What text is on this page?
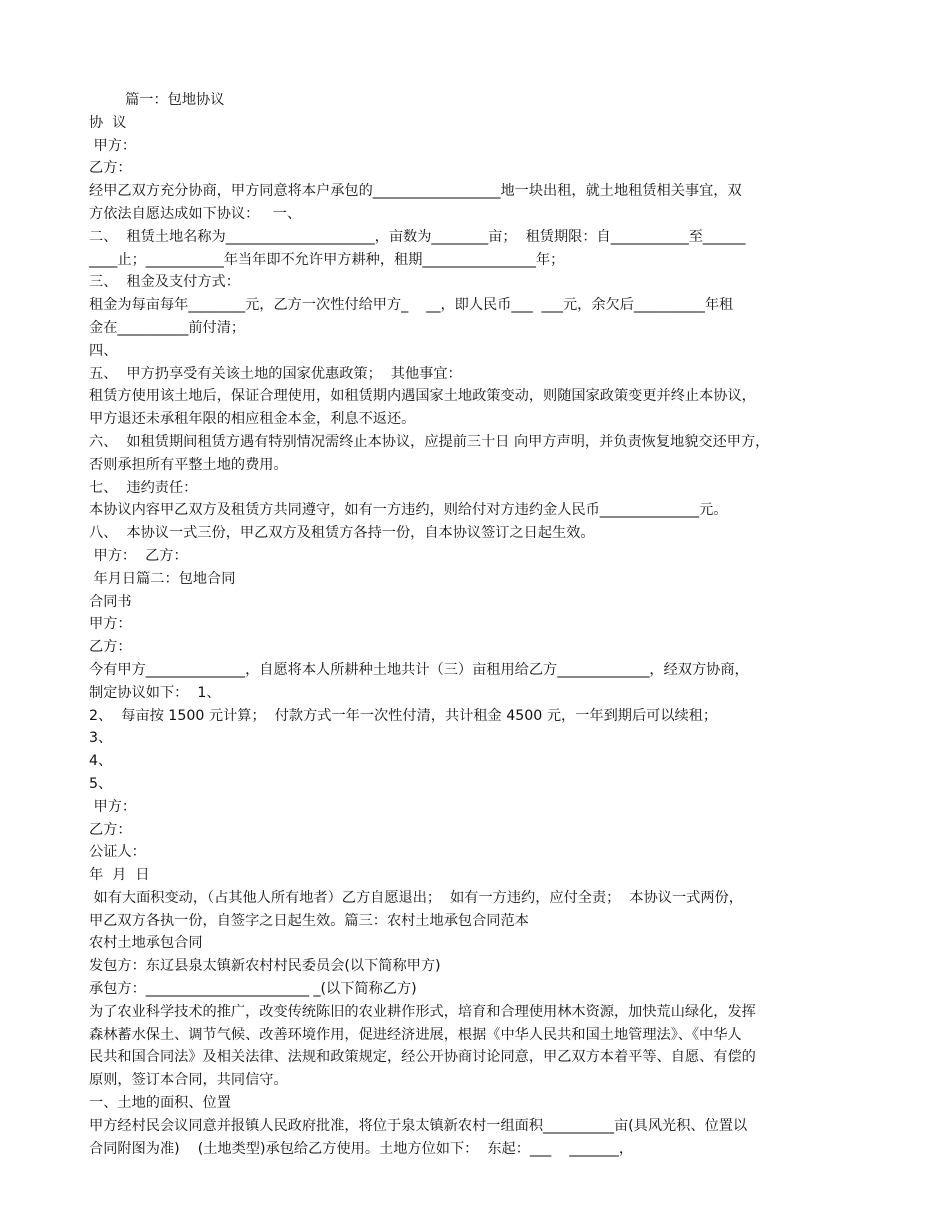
篇一：包地协议

协  议

甲方：

乙方：

经甲乙双方充分协商，甲方同意将本户承包的__________________地一块出租，就土地租赁相关事宜，双

方依法自愿达成如下协议：   一、

二、  租赁土地名称为_____________________，亩数为________亩；  租赁期限：自___________至______

____止；___________年当年即不允许甲方耕种，租期________________年；

三、  租金及支付方式：

租金为每亩每年________元，乙方一次性付给甲方_    __，即人民币___  ___元，余欠后__________年租

金在__________前付清；

四、

五、  甲方扔享受有关该土地的国家优惠政策；  其他事宜：

租赁方使用该土地后，保证合理使用，如租赁期内遇国家土地政策变动，则随国家政策变更并终止本协议，

甲方退还未承租年限的相应租金本金，利息不返还。

六、  如租赁期间租赁方遇有特别情况需终止本协议，应提前三十日 向甲方声明，并负责恢复地貌交还甲方，

否则承担所有平整土地的费用。

七、  违约责任：

本协议内容甲乙双方及租赁方共同遵守，如有一方违约，则给付对方违约金人民币______________元。

八、  本协议一式三份，甲乙双方及租赁方各持一份，自本协议签订之日起生效。

甲方：  乙方：

年月日篇二：包地合同

合同书

甲方：

乙方：

今有甲方______________，自愿将本人所耕种土地共计（三）亩租用给乙方_____________，经双方协商，

制定协议如下：  1、

2、  每亩按 1500 元计算；  付款方式一年一次性付清，共计租金 4500 元，一年到期后可以续租；

3、

4、

5、

甲方：

乙方：

公证人：

年  月  日

如有大面积变动，（占其他人所有地者）乙方自愿退出；  如有一方违约，应付全责；  本协议一式两份，

甲乙双方各执一份，自签字之日起生效。篇三：农村土地承包合同范本

农村土地承包合同

发包方：东辽县泉太镇新农村村民委员会(以下简称甲方)

承包方：_______________________ _(以下简称乙方)

为了农业科学技术的推广，改变传统陈旧的农业耕作形式，培育和合理使用林木资源，加快荒山绿化，发挥

森林蓄水保土、调节气候、改善环境作用，促进经济进展，根据《中华人民共和国土地管理法》、《中华人

民共和国合同法》及相关法律、法规和政策规定，经公开协商讨论同意，甲乙双方本着平等、自愿、有偿的

原则，签订本合同，共同信守。

一、土地的面积、位置

甲方经村民会议同意并报镇人民政府批准，将位于泉太镇新农村一组面积__________亩(具风光积、位置以

合同附图为准)    (土地类型)承包给乙方使用。土地方位如下：  东起：___    _______，
